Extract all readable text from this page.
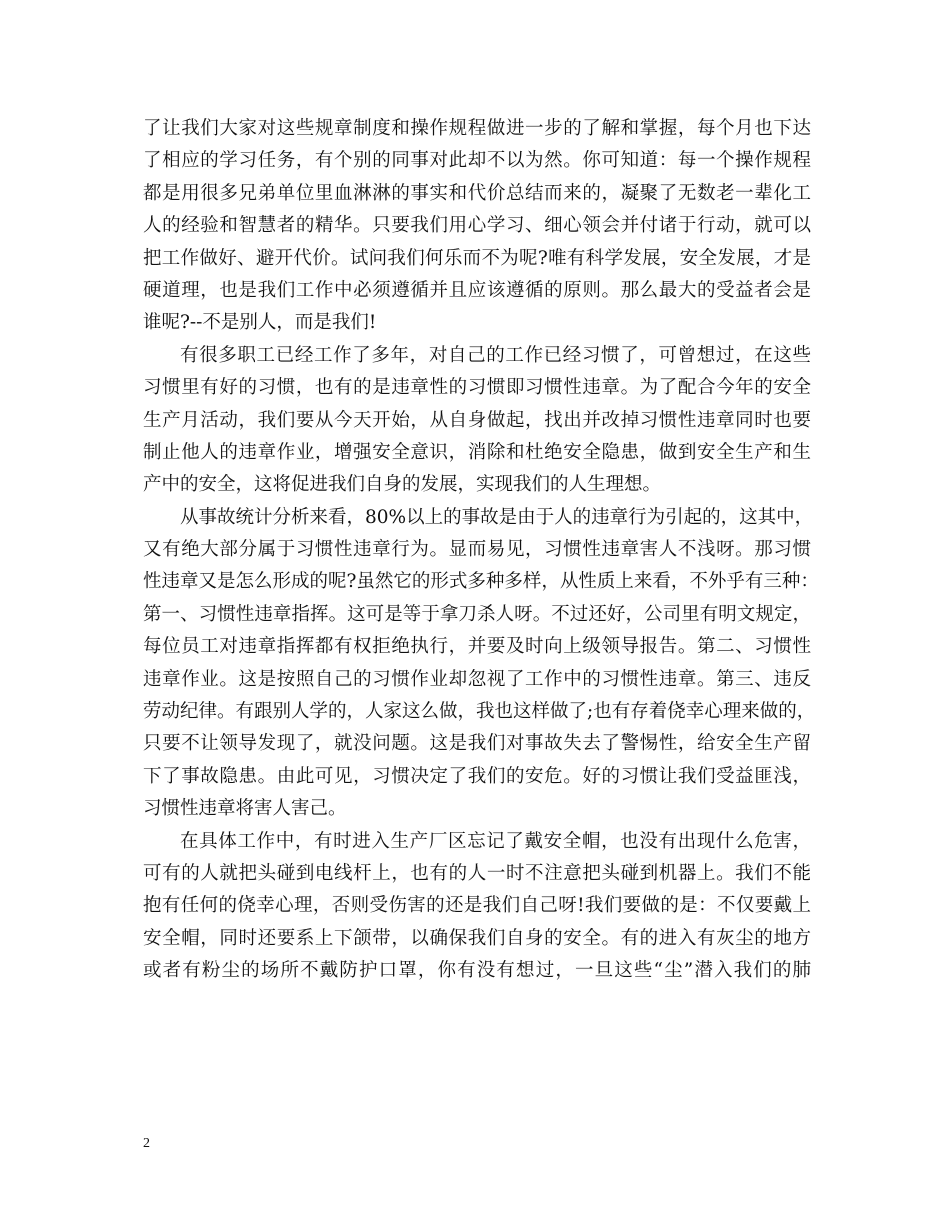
了让我们大家对这些规章制度和操作规程做进一步的了解和掌握，每个月也下达
了相应的学习任务，有个别的同事对此却不以为然。你可知道：每一个操作规程
都是用很多兄弟单位里血淋淋的事实和代价总结而来的，凝聚了无数老一辈化工
人的经验和智慧者的精华。只要我们用心学习、细心领会并付诸于行动，就可以
把工作做好、避开代价。试问我们何乐而不为呢?唯有科学发展，安全发展，才是
硬道理，也是我们工作中必须遵循并且应该遵循的原则。那么最大的受益者会是
谁呢?--不是别人，而是我们!
有很多职工已经工作了多年，对自己的工作已经习惯了，可曾想过，在这些
习惯里有好的习惯，也有的是违章性的习惯即习惯性违章。为了配合今年的安全
生产月活动，我们要从今天开始，从自身做起，找出并改掉习惯性违章同时也要
制止他人的违章作业，增强安全意识，消除和杜绝安全隐患，做到安全生产和生
产中的安全，这将促进我们自身的发展，实现我们的人生理想。
从事故统计分析来看，80%以上的事故是由于人的违章行为引起的，这其中，
又有绝大部分属于习惯性违章行为。显而易见，习惯性违章害人不浅呀。那习惯
性违章又是怎么形成的呢?虽然它的形式多种多样，从性质上来看，不外乎有三种：
第一、习惯性违章指挥。这可是等于拿刀杀人呀。不过还好，公司里有明文规定，
每位员工对违章指挥都有权拒绝执行，并要及时向上级领导报告。第二、习惯性
违章作业。这是按照自己的习惯作业却忽视了工作中的习惯性违章。第三、违反
劳动纪律。有跟别人学的，人家这么做，我也这样做了;也有存着侥幸心理来做的，
只要不让领导发现了，就没问题。这是我们对事故失去了警惕性，给安全生产留
下了事故隐患。由此可见，习惯决定了我们的安危。好的习惯让我们受益匪浅，
习惯性违章将害人害己。
在具体工作中，有时进入生产厂区忘记了戴安全帽，也没有出现什么危害，
可有的人就把头碰到电线杆上，也有的人一时不注意把头碰到机器上。我们不能
抱有任何的侥幸心理，否则受伤害的还是我们自己呀!我们要做的是：不仅要戴上
安全帽，同时还要系上下颌带，以确保我们自身的安全。有的进入有灰尘的地方
或者有粉尘的场所不戴防护口罩，你有没有想过，一旦这些“尘”潜入我们的肺
2
